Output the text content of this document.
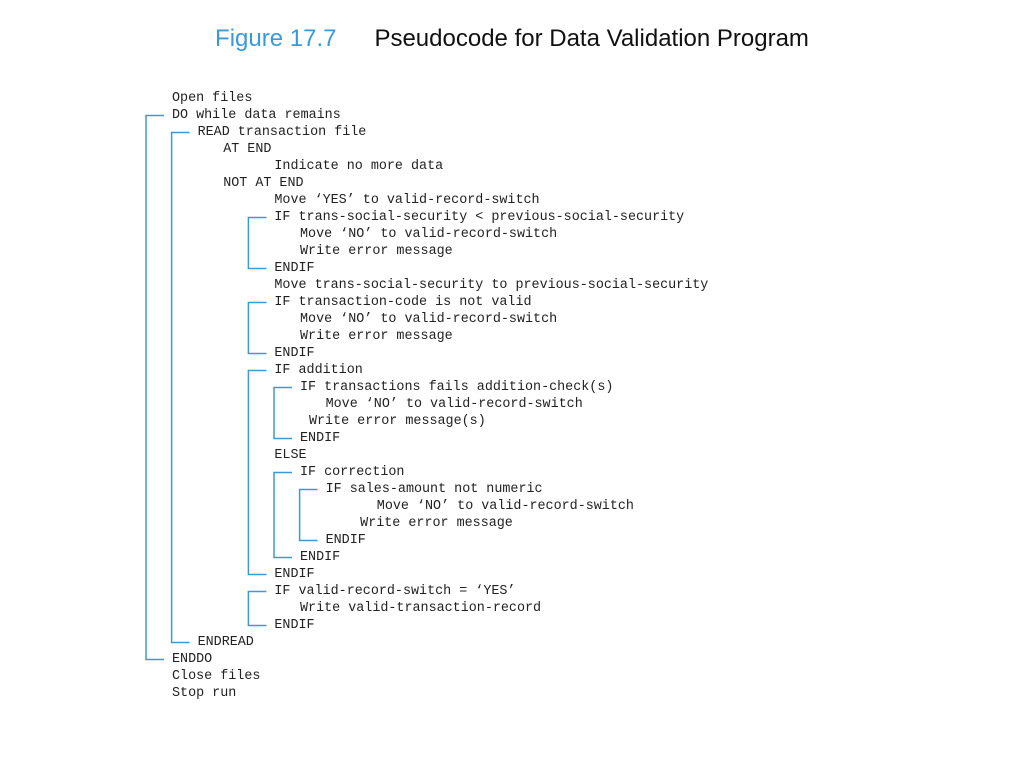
Figure 17.7 Pseudocode for Data Validation Program
Open files
DO while data remains
READ transaction file
AT END
Indicate no more data
NOT AT END
Move ‘YES’ to valid-record-switch
IF trans-social-security < previous-social-security
Move ‘NO’ to valid-record-switch
Write error message
ENDIF
Move trans-social-security to previous-social-security
IF transaction-code is not valid
Move ‘NO’ to valid-record-switch
Write error message
ENDIF
IF addition
IF transactions fails addition-check(s)
Move ‘NO’ to valid-record-switch
Write error message(s)
ENDIF
ELSE
IF correction
IF sales-amount not numeric
Move ‘NO’ to valid-record-switch
Write error message
ENDIF
ENDIF
ENDIF
IF valid-record-switch = ‘YES’
Write valid-transaction-record
ENDIF
ENDREAD
ENDDO
Close files
Stop run
